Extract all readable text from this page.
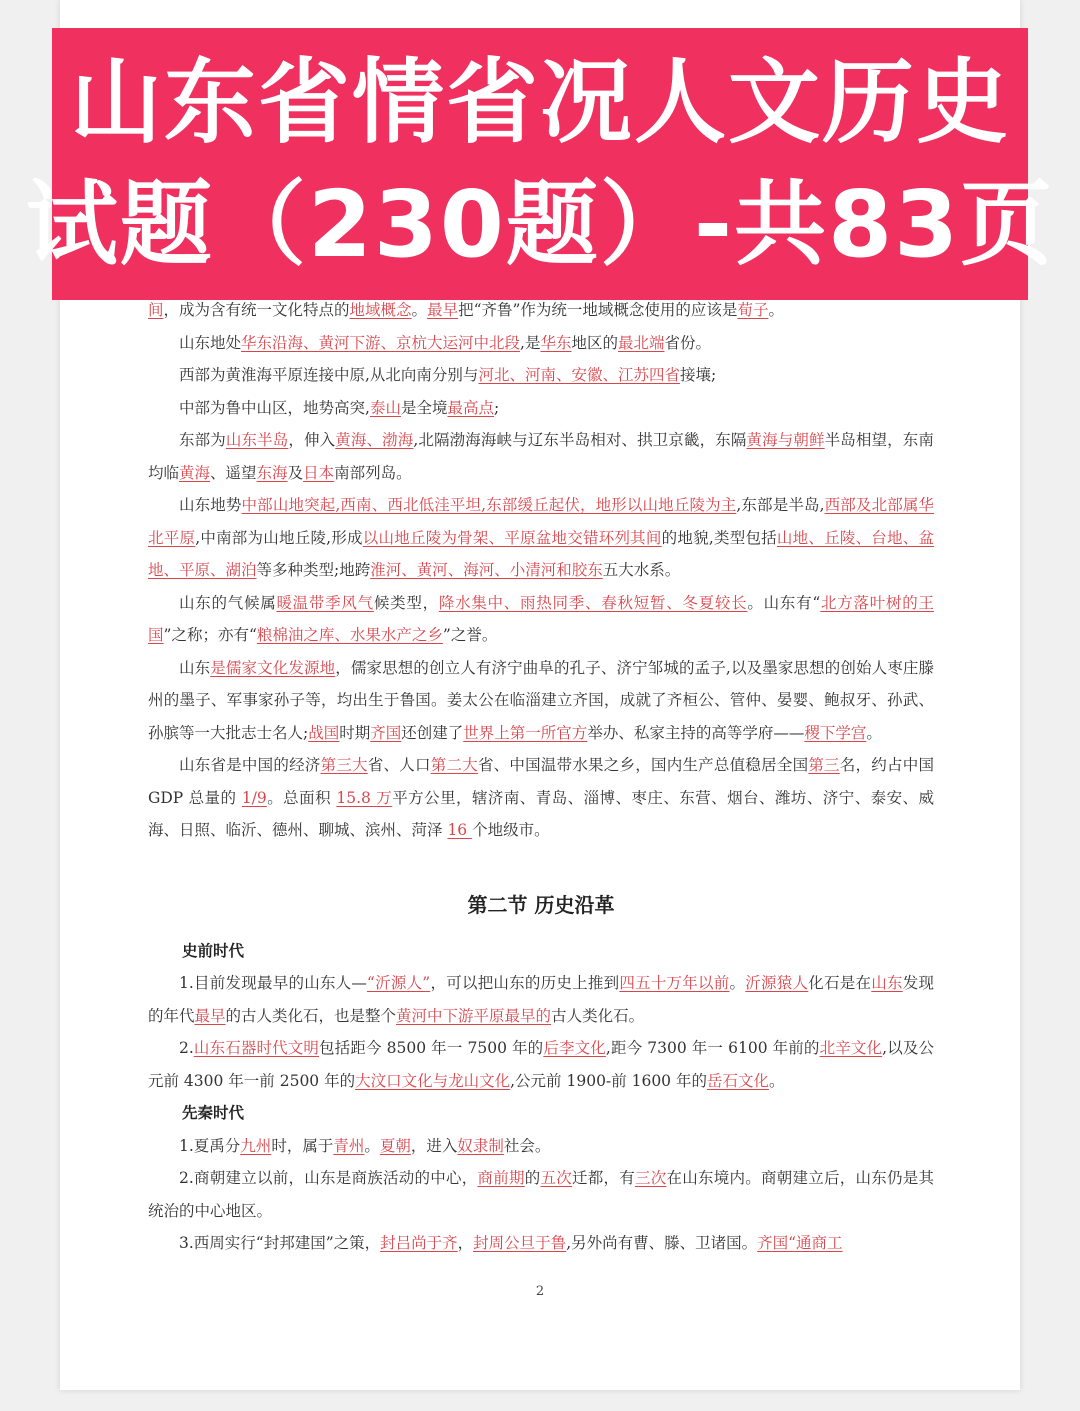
间，成为含有统一文化特点的地域概念。最早把“齐鲁”作为统一地域概念使用的应该是荀子。

山东地处华东沿海、黄河下游、京杭大运河中北段,是华东地区的最北端省份。

西部为黄淮海平原连接中原,从北向南分别与河北、河南、安徽、江苏四省接壤;

中部为鲁中山区，地势高突,泰山是全境最高点;

东部为山东半岛，伸入黄海、渤海,北隔渤海海峡与辽东半岛相对、拱卫京畿，东隔黄海与朝鲜半岛相望，东南均临黄海、遥望东海及日本南部列岛。

山东地势中部山地突起,西南、西北低洼平坦,东部缓丘起伏，地形以山地丘陵为主,东部是半岛,西部及北部属华北平原,中南部为山地丘陵,形成以山地丘陵为骨架、平原盆地交错环列其间的地貌,类型包括山地、丘陵、台地、盆地、平原、湖泊等多种类型;地跨淮河、黄河、海河、小清河和胶东五大水系。

山东的气候属暖温带季风气候类型，降水集中、雨热同季、春秋短暂、冬夏较长。山东有“北方落叶树的王国”之称；亦有“粮棉油之库、水果水产之乡”之誉。

山东是儒家文化发源地，儒家思想的创立人有济宁曲阜的孔子、济宁邹城的孟子,以及墨家思想的创始人枣庄滕州的墨子、军事家孙子等，均出生于鲁国。姜太公在临淄建立齐国，成就了齐桓公、管仲、晏婴、鲍叔牙、孙武、孙膑等一大批志士名人;战国时期齐国还创建了世界上第一所官方举办、私家主持的高等学府——稷下学宫。

山东省是中国的经济第三大省、人口第二大省、中国温带水果之乡，国内生产总值稳居全国第三名，约占中国 GDP 总量的 1/9。总面积 15.8 万平方公里，辖济南、青岛、淄博、枣庄、东营、烟台、潍坊、济宁、泰安、威海、日照、临沂、德州、聊城、滨州、菏泽 16 个地级市。

第二节 历史沿革

史前时代

1.目前发现最早的山东人—“沂源人”，可以把山东的历史上推到四五十万年以前。沂源猿人化石是在山东发现的年代最早的古人类化石，也是整个黄河中下游平原最早的古人类化石。

2.山东石器时代文明包括距今 8500 年一 7500 年的后李文化,距今 7300 年一 6100 年前的北辛文化,以及公元前 4300 年一前 2500 年的大汶口文化与龙山文化,公元前 1900-前 1600 年的岳石文化。

先秦时代

1.夏禹分九州时，属于青州。夏朝，进入奴隶制社会。

2.商朝建立以前，山东是商族活动的中心，商前期的五次迁都，有三次在山东境内。商朝建立后，山东仍是其统治的中心地区。

3.西周实行“封邦建国”之策，封吕尚于齐，封周公旦于鲁,另外尚有曹、滕、卫诸国。齐国“通商工

山东省情省况人文历史
试题（230题）-共83页
2
